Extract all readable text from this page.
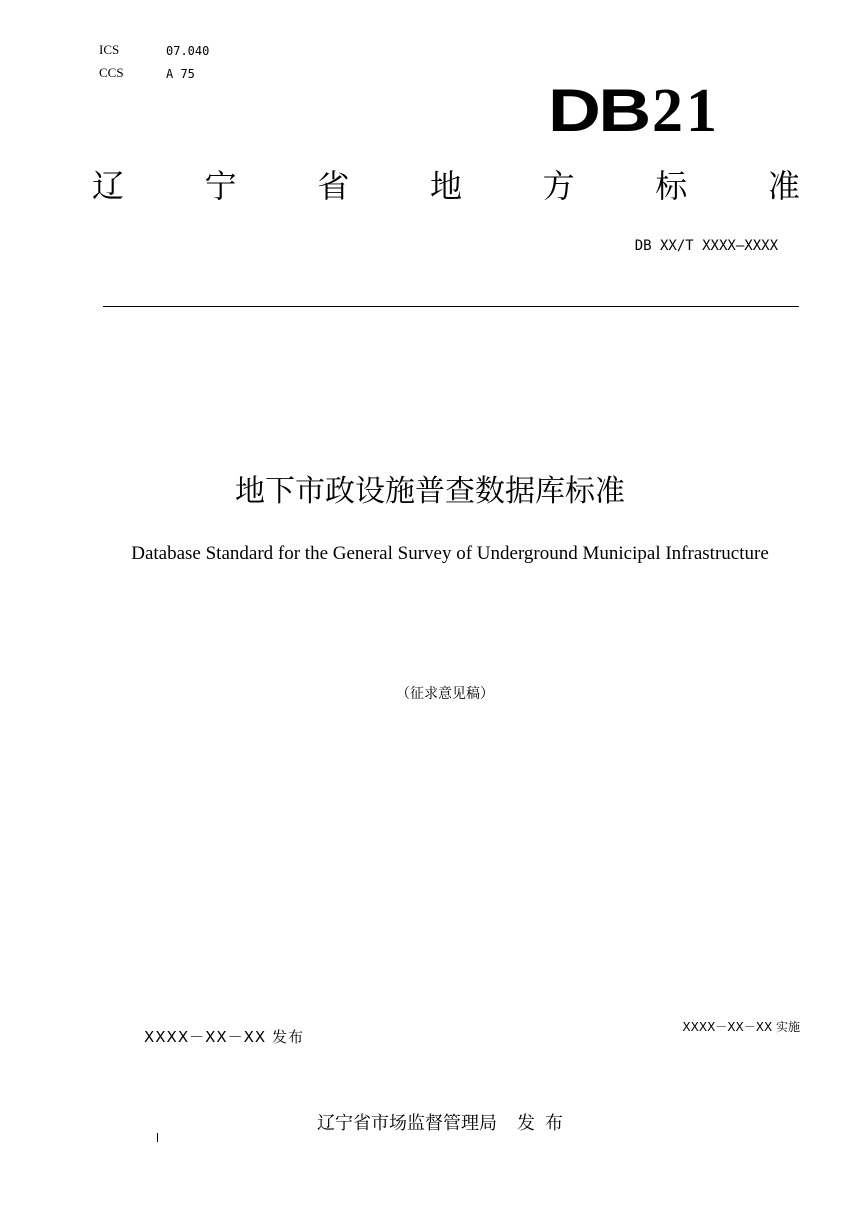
ICS	07.040
CCS	A 75
DB 21
辽	宁	省	地	方	标	准
DB XX/T XXXX—XXXX
地下市政设施普查数据库标准
Database Standard for the General Survey of Underground Municipal Infrastructure
（征求意见稿）
XXXX－XX－XX 发布
XXXX－XX－XX 实施
辽宁省市场监督管理局 发布
